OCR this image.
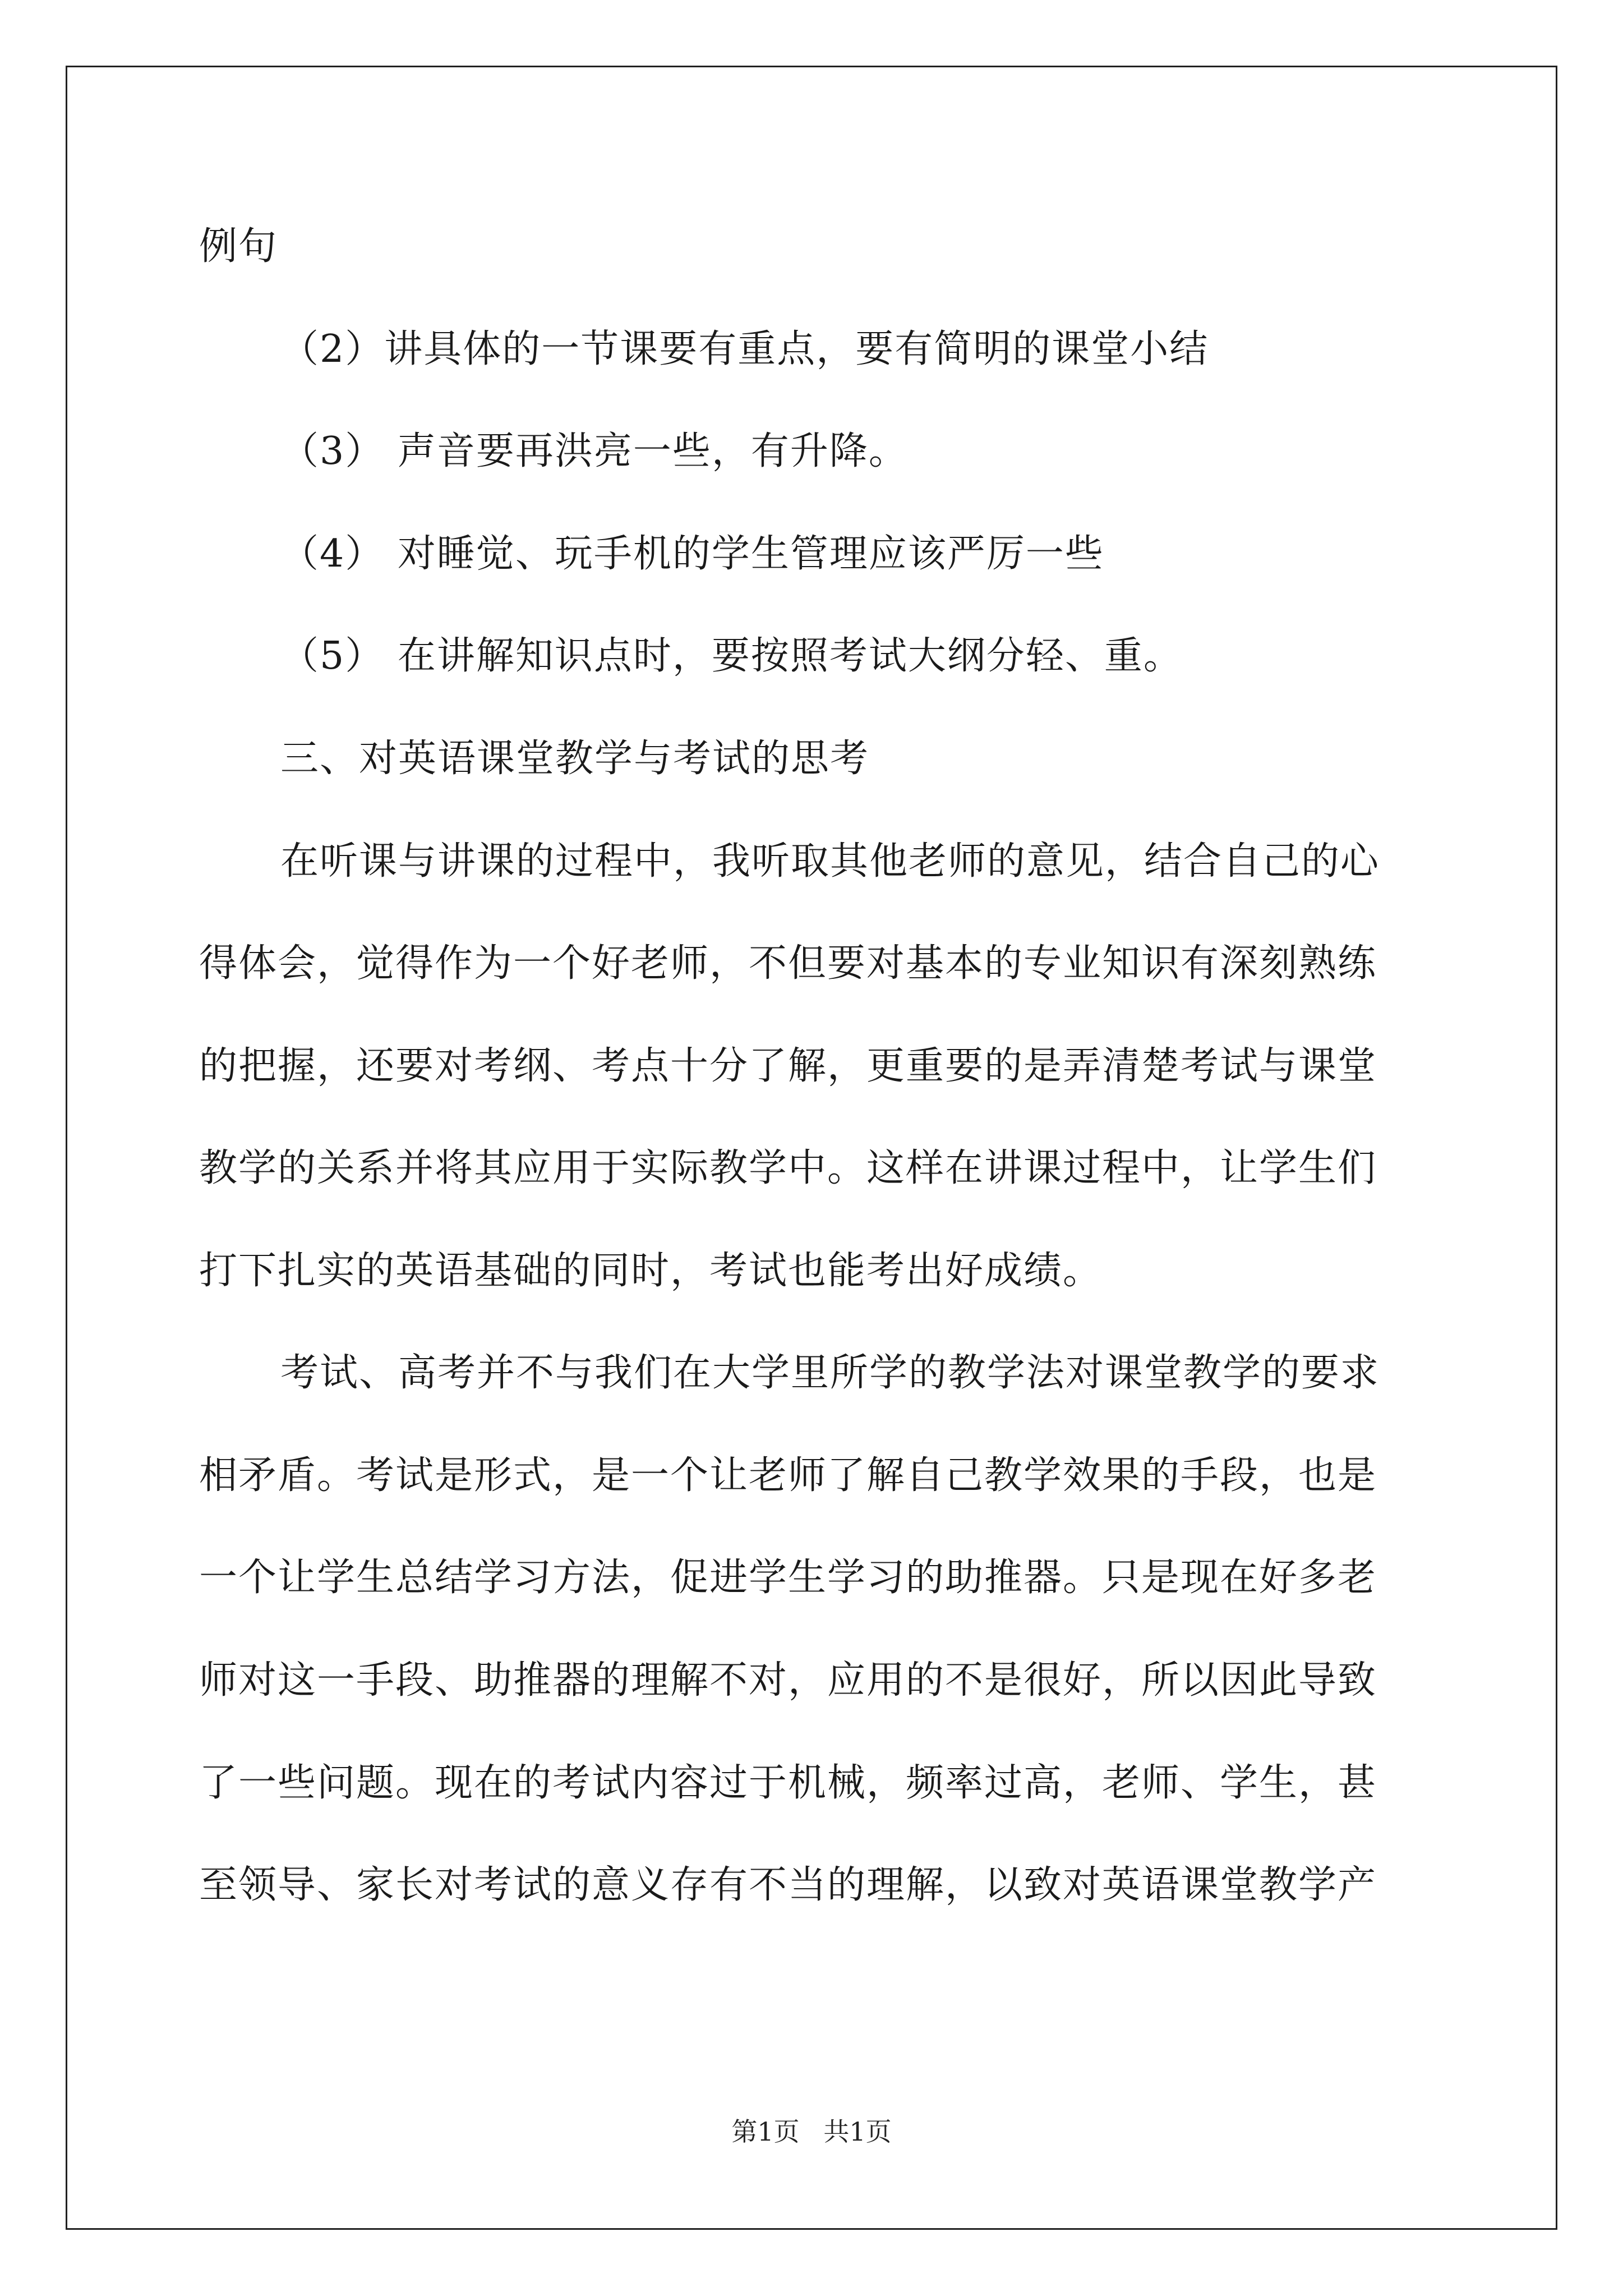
例句
（2）讲具体的一节课要有重点，要有简明的课堂小结
（3） 声音要再洪亮一些，有升降。
（4） 对睡觉、玩手机的学生管理应该严厉一些
（5） 在讲解知识点时，要按照考试大纲分轻、重。
三、对英语课堂教学与考试的思考
在听课与讲课的过程中，我听取其他老师的意见，结合自己的心
得体会，觉得作为一个好老师，不但要对基本的专业知识有深刻熟练
的把握，还要对考纲、考点十分了解，更重要的是弄清楚考试与课堂
教学的关系并将其应用于实际教学中。这样在讲课过程中，让学生们
打下扎实的英语基础的同时，考试也能考出好成绩。
考试、高考并不与我们在大学里所学的教学法对课堂教学的要求
相矛盾。考试是形式，是一个让老师了解自己教学效果的手段，也是
一个让学生总结学习方法，促进学生学习的助推器。只是现在好多老
师对这一手段、助推器的理解不对，应用的不是很好，所以因此导致
了一些问题。现在的考试内容过于机械，频率过高，老师、学生，甚
至领导、家长对考试的意义存有不当的理解，以致对英语课堂教学产
第1页 共1页
